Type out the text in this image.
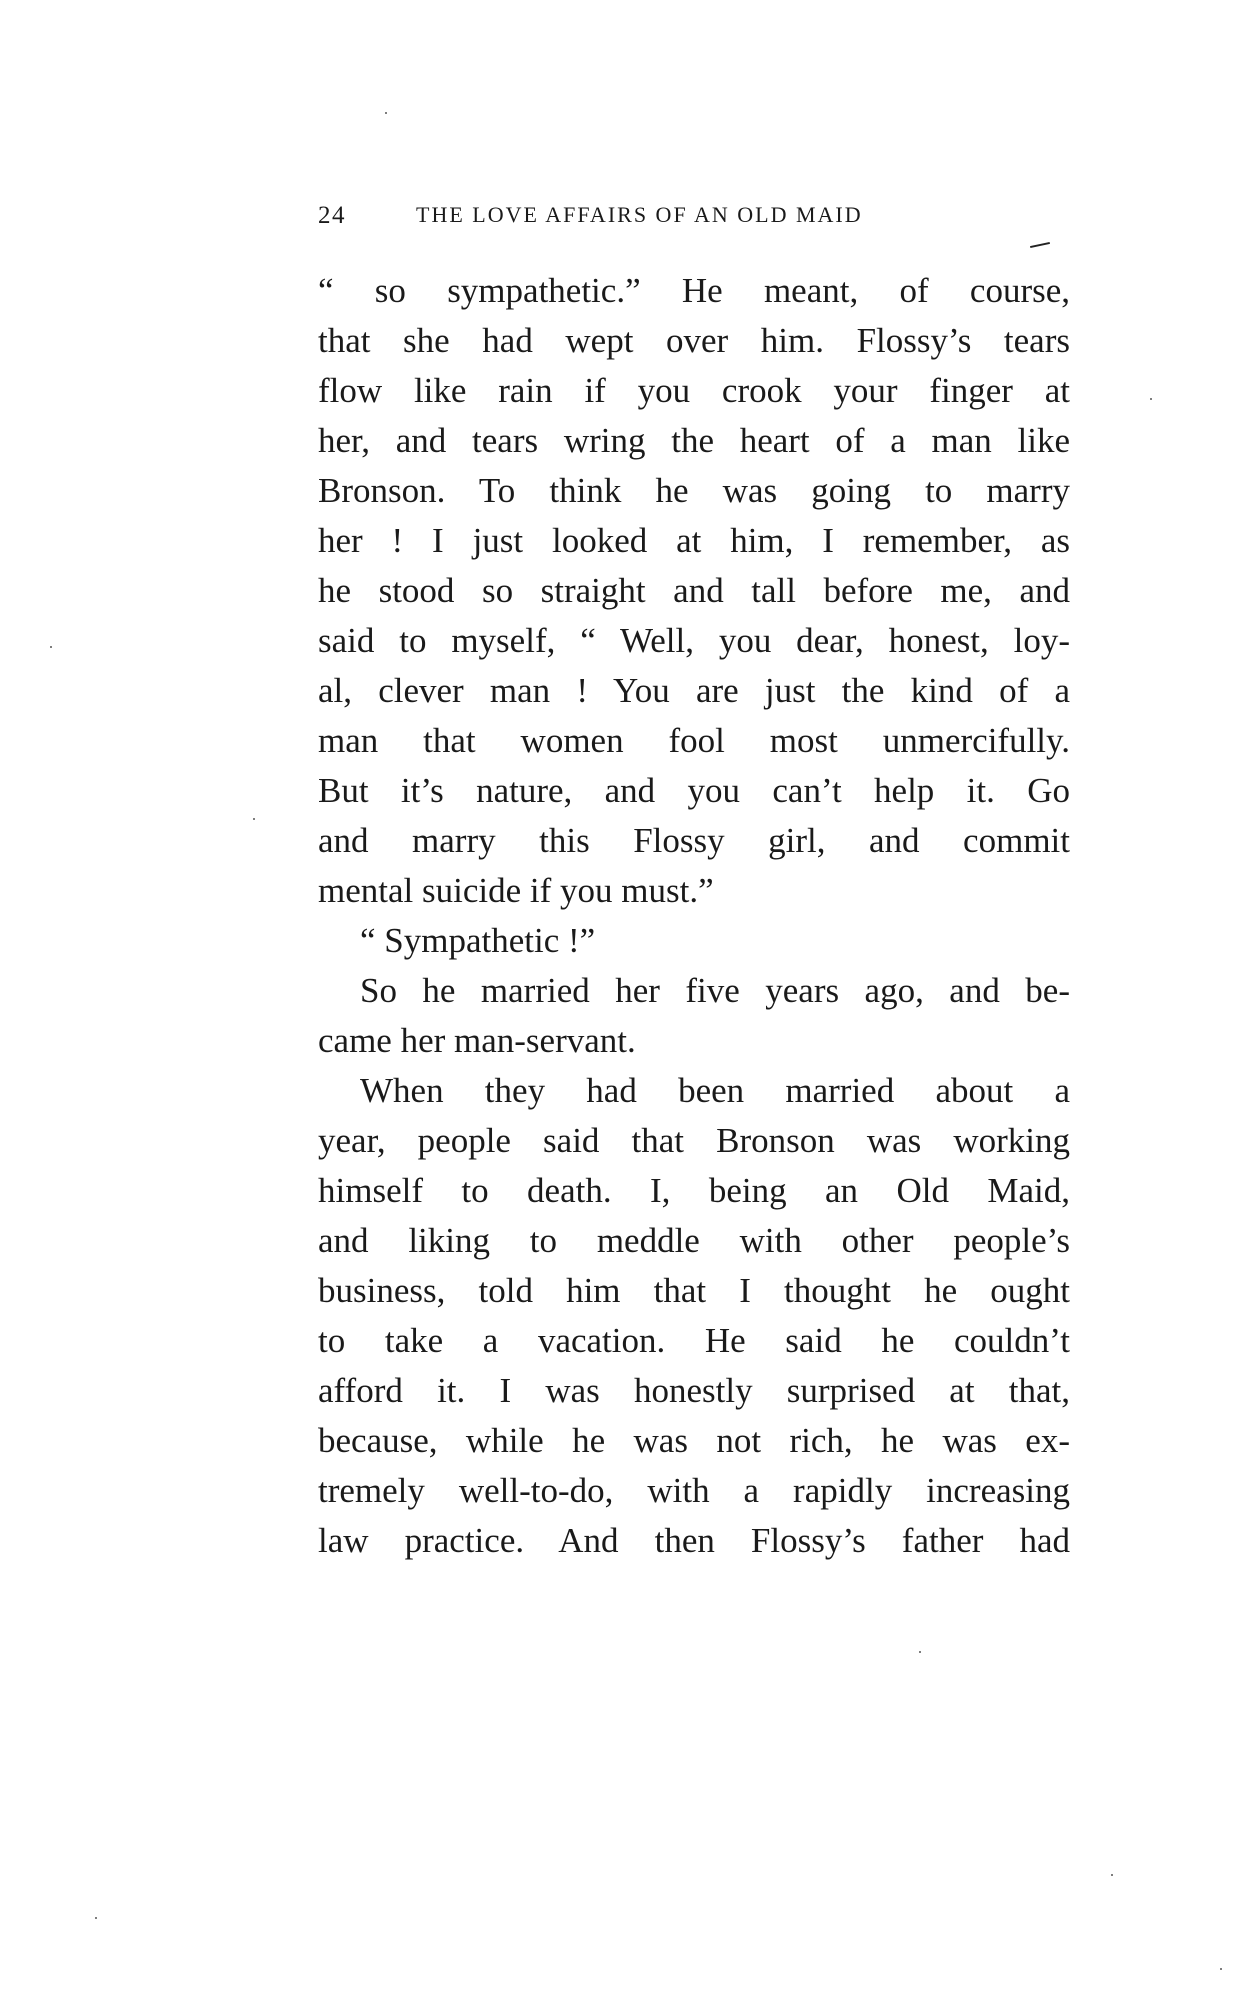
24	THE LOVE AFFAIRS OF AN OLD MAID
“ so sympathetic.” He meant, of course,
that she had wept over him. Flossy’s tears
flow like rain if you crook your finger at
her, and tears wring the heart of a man like
Bronson. To think he was going to marry
her ! I just looked at him, I remember, as
he stood so straight and tall before me, and
said to myself, “ Well, you dear, honest, loy-
al, clever man ! You are just the kind of a
man that women fool most unmercifully.
But it’s nature, and you can’t help it. Go
and marry this Flossy girl, and commit
mental suicide if you must.”
“ Sympathetic !”
So he married her five years ago, and be-
came her man-servant.
When they had been married about a
year, people said that Bronson was working
himself to death. I, being an Old Maid,
and liking to meddle with other people’s
business, told him that I thought he ought
to take a vacation. He said he couldn’t
afford it. I was honestly surprised at that,
because, while he was not rich, he was ex-
tremely well-to-do, with a rapidly increasing
law practice. And then Flossy’s father had
